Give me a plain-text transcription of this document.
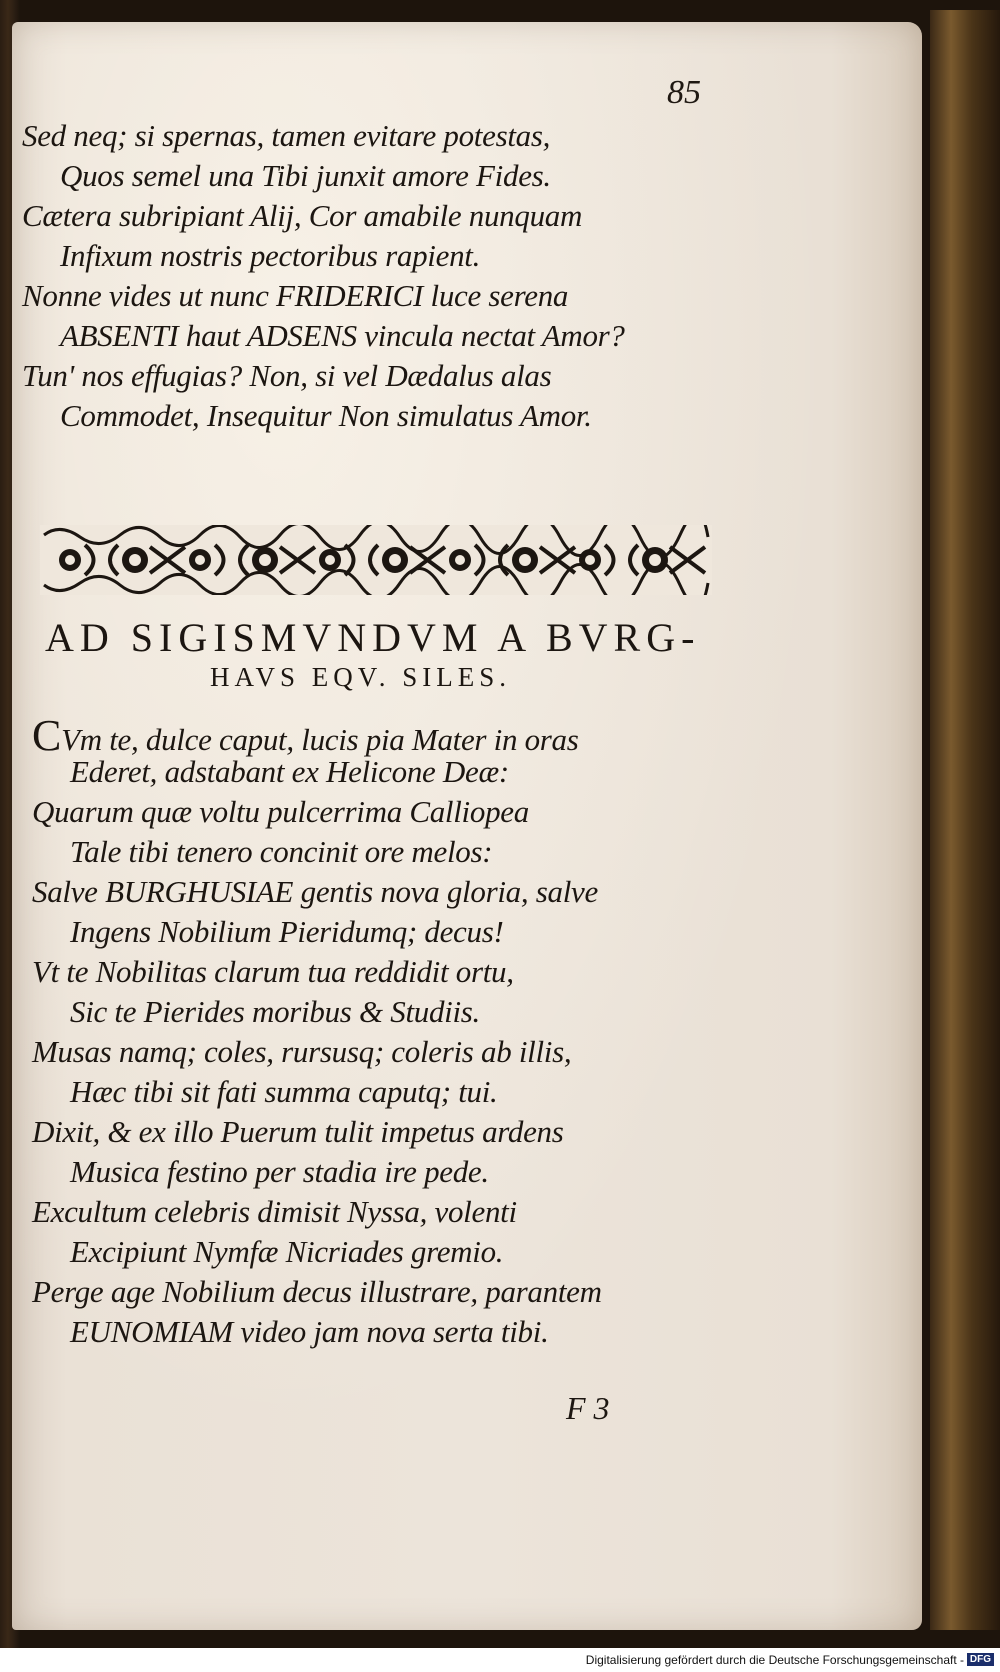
85
Sed neq; si spernas, tamen evitare potestas,
Quos semel una Tibi junxit amore Fides.
Cætera subripiant Alij, Cor amabile nunquam
Infixum nostris pectoribus rapient.
Nonne vides ut nunc FRIDERICI luce serena
ABSENTI haut ADSENS vincula nectat Amor?
Tun' nos effugias? Non, si vel Dædalus alas
Commodet, Insequitur Non simulatus Amor.
AD SIGISMVNDVM A BVRG-
HAVS EQV. SILES.
CVm te, dulce caput, lucis pia Mater in oras
Ederet, adstabant ex Helicone Deæ:
Quarum quæ voltu pulcerrima Calliopea
Tale tibi tenero concinit ore melos:
Salve BURGHUSIAE gentis nova gloria, salve
Ingens Nobilium Pieridumq; decus!
Vt te Nobilitas clarum tua reddidit ortu,
Sic te Pierides moribus & Studiis.
Musas namq; coles, rursusq; coleris ab illis,
Hæc tibi sit fati summa caputq; tui.
Dixit, & ex illo Puerum tulit impetus ardens
Musica festino per stadia ire pede.
Excultum celebris dimisit Nyssa, volenti
Excipiunt Nymfæ Nicriades gremio.
Perge age Nobilium decus illustrare, parantem
EUNOMIAM video jam nova serta tibi.
F 3
Digitalisierung gefördert durch die Deutsche Forschungsgemeinschaft - DFG
